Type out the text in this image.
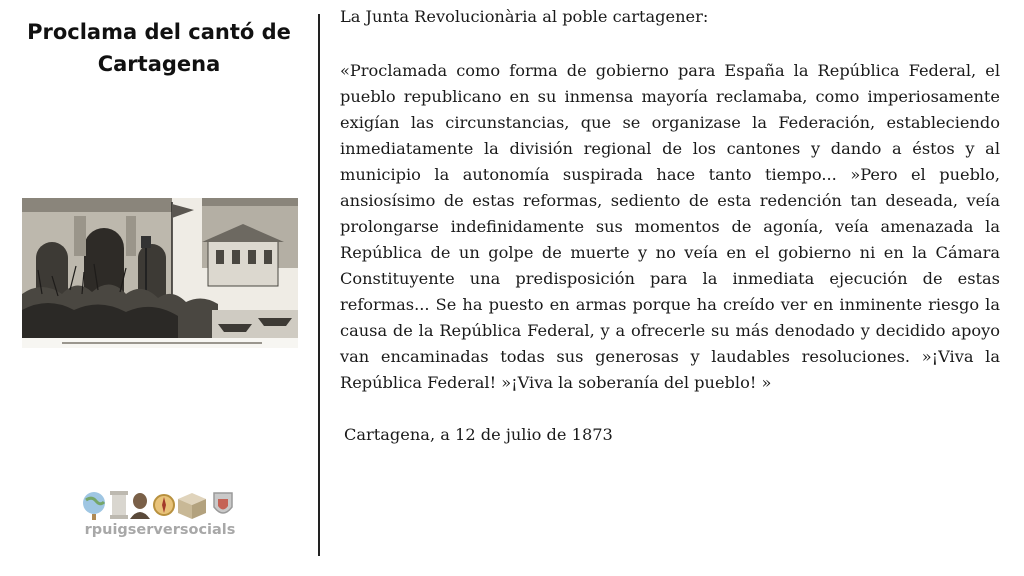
Proclama del cantó de Cartagena
rpuigserversocials

La Junta Revolucionària al poble cartagener:

«Proclamada como forma de gobierno para España la República Federal, el pueblo republicano en su inmensa mayoría reclamaba, como imperiosamente exigían las circunstancias, que se organizase la Federación, estableciendo inmediatamente la división regional de los cantones y dando a éstos y al municipio la autonomía suspirada hace tanto tiempo... »Pero el pueblo, ansiosísimo de estas reformas, sediento de esta redención tan deseada, veía prolongarse indefinidamente sus momentos de agonía, veía amenazada la República de un golpe de muerte y no veía en el gobierno ni en la Cámara Constituyente una predisposición para la inmediata ejecución de estas reformas... Se ha puesto en armas porque ha creído ver en inminente riesgo la causa de la República Federal, y a ofrecerle su más denodado y decidido apoyo van encaminadas todas sus generosas y laudables resoluciones. »¡Viva la República Federal! »¡Viva la soberanía del pueblo! »

Cartagena, a 12 de julio de 1873
